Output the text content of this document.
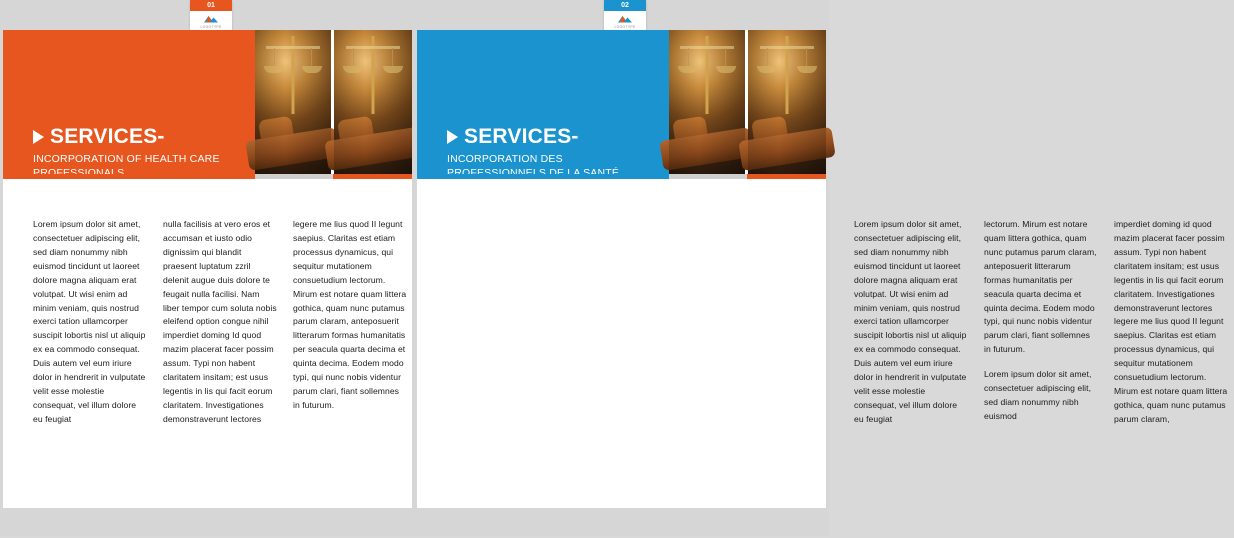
01
LOGOTYPE
02
LOGOTYPE
SERVICES-
INCORPORATION OF HEALTH CARE

Lorem ipsum dolor sit amet, consectetuer adipiscing elit, sed diam nonummy nibh euismod tincidunt ut laoreet dolore magna aliquam erat volutpat. Ut wisi enim ad minim veniam, quis nostrud exerci tation ullamcorper suscipit lobortis nisl ut aliquip ex ea commodo consequat. Duis autem vel eum iriure dolor in hendrerit in vulputate velit esse molestie consequat, vel illum dolore eu feugiat

nulla facilisis at vero eros et accumsan et iusto odio dignissim qui blandit praesent luptatum zzril delenit augue duis dolore te feugait nulla facilisi. Nam liber tempor cum soluta nobis eleifend option congue nihil imperdiet doming Id quod mazim placerat facer possim assum. Typi non habent claritatem insitam; est usus legentis in lis qui facit eorum claritatem. Investigationes demonstraverunt lectores

legere me lius quod II legunt saepius. Claritas est etiam processus dynamicus, qui sequitur mutationem consuetudium lectorum. Mirum est notare quam littera gothica, quam nunc putamus parum claram, anteposuerit litterarum formas humanitatis per seacula quarta decima et quinta decima. Eodem modo typi, qui nunc nobis videntur parum clari, fiant sollemnes in futurum.

SERVICES-
INCORPORATION DES

Lorem ipsum dolor sit amet, consectetuer adipiscing elit, sed diam nonummy nibh euismod tincidunt ut laoreet dolore magna aliquam erat volutpat. Ut wisi enim ad minim veniam, quis nostrud exerci tation ullamcorper suscipit lobortis nisl ut aliquip ex ea commodo consequat. Duis autem vel eum iriure dolor in hendrerit in vulputate velit esse molestie consequat, vel illum dolore eu feugiat

lectorum. Mirum est notare quam littera gothica, quam nunc putamus parum claram, anteposuerit litterarum formas humanitatis per seacula quarta decima et quinta decima. Eodem modo typi, qui nunc nobis videntur parum clari, fiant sollemnes in futurum.

Lorem ipsum dolor sit amet, consectetuer adipiscing elit, sed diam nonummy nibh euismod

imperdiet doming id quod mazim placerat facer possim assum. Typi non habent claritatem insitam; est usus legentis in lis qui facit eorum claritatem. Investigationes demonstraverunt lectores legere me lius quod II legunt saepius. Claritas est etiam processus dynamicus, qui sequitur mutationem consuetudium lectorum. Mirum est notare quam littera gothica, quam nunc putamus parum claram,
